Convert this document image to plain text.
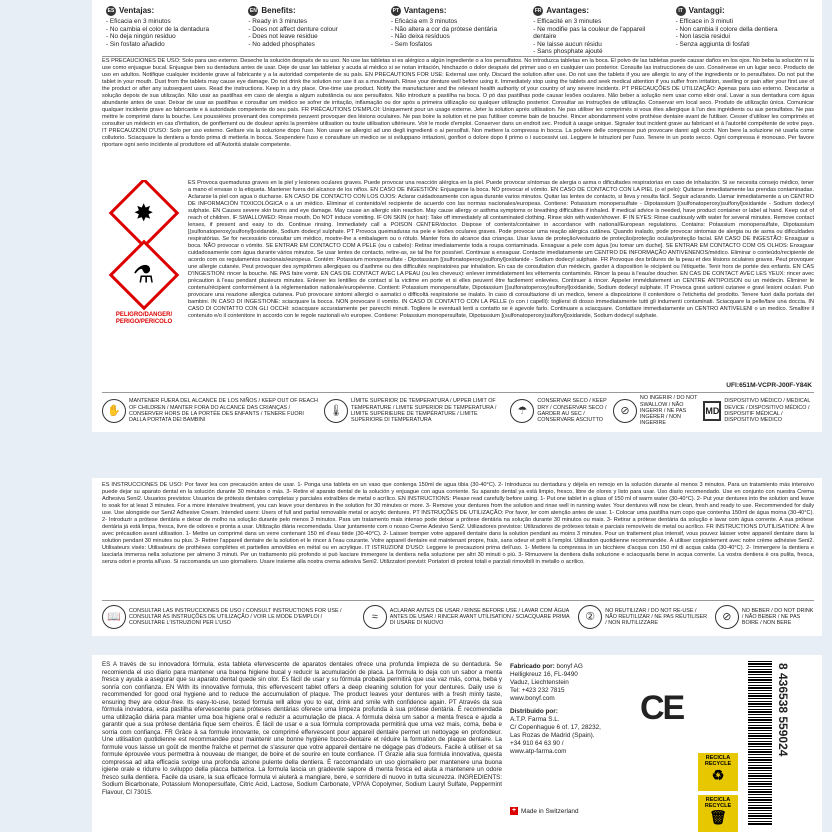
ES Ventajas:
- Eficacia en 3 minutos
- No cambia el color de la dentadura
- No deja ningún residuo
- Sin fosfato añadido
EN Benefits:
- Ready in 3 minutes
- Does not affect denture colour
- Does not leave residue
- No added phosphates
PT Vantagens:
- Eficácia em 3 minutos
- Não altera a cor da prótese dentária
- Não deixa resíduos
- Sem fosfatos
FR Avantages:
- Efficacité en 3 minutes
- Ne modifie pas la couleur de l'appareil dentaire
- Ne laisse aucun résidu
- Sans phosphate ajouté
IT Vantaggi:
- Efficace in 3 minuti
- Non cambia il colore della dentiera
- Non lascia residui
- Senza aggiunta di fosfati
ES PRECAUCIONES DE USO: Solo para uso externo. Deseche la solución después de su uso. No use las tabletas si es alérgico a algún ingrediente o a los persulfatos. No introduzca tabletas en la boca. El polvo de las tabletas puede causar daños en los ojos. No beba la solución ni la use como enjuague bucal. Enjuague bien su dentadura antes de usar. Deje de usar las tabletas y acuda al médico si se notan irritación, hinchazón o dolor después del primer uso o en cualquier uso posterior. Consulte las instrucciones de uso. Consérvese en un lugar seco. Producto de uso en adultos. Notifique cualquier incidente grave al fabricante y a la autoridad competente de su país. EN PRECAUTIONS FOR USE: External use only. Discard the solution after use. Do not use the tablets if you are allergic to any of the ingredients or to persulfates. Do not put the tablet in your mouth. Dust from the tablets may cause eye damage. Do not drink the solution nor use it as a mouthwash. Rinse your denture well before using it. Immediately stop using the tablets and seek medical attention if you suffer from irritation, swelling or pain after your first use of the product or after any subsequent uses. Read the instructions. Keep in a dry place. One-time use product. Notify the manufacturer and the relevant health authority of your country of any severe incidents. PT PRECAUÇÕES DE UTILIZAÇÃO: Apenas para uso externo. Descartar a solução depois de sua utilização. Não usar as pastilhas em caso de alergia a algum substância ou aos persulfatos. Não introduzir a pastilha na boca. O pó das pastilhas pode causar lesões oculares. Não beber a solução nem usar como elixir oral. Lavar a sua dentadura com água abundante antes de usar. Deixar de usar as pastilhas e consultar um médico se sofrer de irritação, inflamação ou dor após a primeira utilização ou qualquer utilização posterior. Consultar as instruções de utilização. Conservar em local seco. Produto de utilização única. Comunicar qualquer incidente grave ao fabricante e à autoridade competente do seu país. FR PRÉCAUTIONS D'EMPLOI: Uniquement pour un usage externe. Jeter la solution après utilisation. Ne pas utiliser les comprimés si vous êtes allergique à l'un des ingrédients ou aux persulfates. Ne pas mettre le comprimé dans la bouche. Les poussières provenant des comprimés peuvent provoquer des lésions oculaires. Ne pas boire la solution et ne pas l'utiliser comme bain de bouche. Rincer abondamment votre prothèse dentaire avant de l'utiliser. Cesser d'utiliser les comprimés et consulter un médecin en cas d'irritation, de gonflement ou de douleur après la première utilisation ou toute utilisation ultérieure. Voir le mode d'emploi. Conserver dans un endroit sec. Produit à usage unique. Signaler tout incident grave au fabricant et à l'autorité compétente de votre pays. IT PRECAUZIONI D'USO: Solo per uso esterno. Gettare via la soluzione dopo l'uso. Non usare se allergici ad uno degli ingredienti o ai persolfati. Non mettere la compressa in bocca. La polvere delle compresse può provocare danni agli occhi. Non bere la soluzione né usarla come collutorio. Sciacquare la dentiera a fondo prima di metterla in bocca. Sospendere l'uso e consultare un medico se si sviluppano irritazioni, gonfiori o dolore dopo il primo o i successivi usi. Leggere le istruzioni per l'uso. Tenere in un posto secco. Ogni compressa è monouso. Per favore riportare ogni serio incidente al produttore ed all'Autorità statale competente.
✸
⚗
PELIGRO/DANGER/ PERIGO/PERICOLO
ES Provoca quemaduras graves en la piel y lesiones oculares graves. Puede provocar una reacción alérgica en la piel. Puede provocar síntomas de alergia o asma o dificultades respiratorias en caso de inhalación. Si se necesita consejo médico, tener a mano el envase o la etiqueta. Mantener fuera del alcance de los niños. EN CASO DE INGESTIÓN: Enjuagarse la boca. NO provocar el vómito. EN CASO DE CONTACTO CON LA PIEL (o el pelo): Quitarse inmediatamente las prendas contaminadas. Aclararse la piel con agua o ducharse. EN CASO DE CONTACTO CON LOS OJOS: Aclarar cuidadosamente con agua durante varios minutos. Quitar las lentes de contacto, si lleva y resulta fácil. Seguir aclarando. Llamar inmediatamente a un CENTRO DE INFORMACIÓN TOXICOLÓGICA o a un médico. Eliminar el contenido/el recipiente de acuerdo con las normas nacionales/europeas. Contiene: Potassium monopersulfate - Dipotassium [(sulfonatoperoxy)sulfonyl]oxidanide - Sodium dodecyl sulphate. EN Causes severe skin burns and eye damage. May cause an allergic skin reaction. May cause allergy or asthma symptoms or breathing difficulties if inhaled. If medical advice is needed, have product container or label at hand. Keep out of reach of children. IF SWALLOWED: Rinse mouth. Do NOT induce vomiting. IF ON SKIN (or hair): Take off immediately all contaminated clothing. Rinse skin with water/shower. IF IN EYES: Rinse cautiously with water for several minutes. Remove contact lenses, if present and easy to do. Continue rinsing. Immediately call a POISON CENTER/doctor. Dispose of contents/container in accordance with national/European regulations. Contains: Potassium monopersulfate, Dipotassium [(sulfonatoperoxy)sulfonyl]oxidanide, Sodium dodecyl sulphate. PT Provoca queimaduras na pele e lesões oculares graves. Pode provocar uma reação alérgica cutânea. Quando inalado, pode provocar sintomas de alergia ou de asma ou dificuldades respiratórias. Se for necessário consultar um médico, mostre-lhe a embalagem ou o rótulo. Manter fora do alcance das crianças. Usar luvas de proteção/vestuário de proteção/proteção ocular/proteção facial. EM CASO DE INGESTÃO: Enxaguar a boca. NÃO provocar o vómito. SE ENTRAR EM CONTACTO COM A PELE (ou o cabelo): Retirar imediatamente toda a roupa contaminada. Enxaguar a pele com água [ou tomar um duche]. SE ENTRAR EM CONTACTO COM OS OLHOS: Enxaguar cuidadosamente com água durante vários minutos. Se usar lentes de contacto, retire-as, se tal lhe for possível. Continuar a enxaguar. Contacte imediatamente um CENTRO DE INFORMAÇÃO ANTIVENENOS/médico. Eliminar o conteúdo/recipiente de acordo com os regulamentos nacionais/europeus. Contém: Potassium monopersulfate - Dipotassium [(sulfonatoperoxy)sulfonyl]oxidanide - Sodium dodecyl sulphate. FR Provoque des brûlures de la peau et des lésions oculaires graves. Peut provoquer une allergie cutanée. Peut provoquer des symptômes allergiques ou d'asthme ou des difficultés respiratoires par inhalation. En cas de consultation d'un médecin, garder à disposition le récipient ou l'étiquette. Tenir hors de portée des enfants. EN CAS D'INGESTION: rincer la bouche. NE PAS faire vomir. EN CAS DE CONTACT AVEC LA PEAU (ou les cheveux): enlever immédiatement les vêtements contaminés. Rincer la peau à l'eau/se doucher. EN CAS DE CONTACT AVEC LES YEUX: rincer avec précaution à l'eau pendant plusieurs minutes. Enlever les lentilles de contact si la victime en porte et si elles peuvent être facilement enlevées. Continuer à rincer. Appeler immédiatement un CENTRE ANTIPOISON ou un médecin. Éliminer le contenu/récipient conformément à la réglementation nationale/européenne. Contient: Potassium monopersulfate, Dipotassium [(sulfonatoperoxy)sulfonyl]oxidanide, Sodium dodecyl sulphate. IT Provoca gravi ustioni cutanee e gravi lesioni oculari. Può provocare una reazione allergica cutanea. Può provocare sintomi allergici o asmatici o difficoltà respiratorie se inalato. In caso di consultazione di un medico, tenere a disposizione il contenitore o l'etichetta del prodotto. Tenere fuori dalla portata dei bambini. IN CASO DI INGESTIONE: sciacquare la bocca. NON provocare il vomito. IN CASO DI CONTATTO CON LA PELLE (o con i capelli): togliersi di dosso immediatamente tutti gli indumenti contaminati. Sciacquare la pelle/fare una doccia. IN CASO DI CONTATTO CON GLI OCCHI: sciacquare accuratamente per parecchi minuti. Togliere le eventuali lenti a contatto se è agevole farlo. Continuare a sciacquare. Contattare immediatamente un CENTRO ANTIVELENI o un medico. Smaltire il contenuto e/o il contenitore in accordo con le regole nazionali e/o europee. Contiene: Potassium monopersulfate, Dipotassium [(sulfonatoperoxy)sulfonyl]oxidanide, Sodium dodecyl sulphate.
UFI:651M-VCPR-J00F-Y84K
✋
MANTENER FUERA DEL ALCANCE DE LOS NIÑOS / KEEP OUT OF REACH OF CHILDREN / MANTER FORA DO ALCANCE DAS CRIANÇAS / CONSERVER HORS DE LA PORTÉE DES ENFANTS / TENERE FUORI DALLA PORTATA DEI BAMBINI
🌡
LÍMITE SUPERIOR DE TEMPERATURA / UPPER LIMIT OF TEMPERATURE / LIMITE SUPERIOR DE TEMPERATURA / LIMITE SUPÉRIEURE DE TEMPÉRATURE / LIMITE SUPERIORE DI TEMPERATURA
☂
CONSERVAR SECO / KEEP DRY / CONSERVAR SECO / GARDER AU SEC / CONSERVARE ASCIUTTO
⊘
NO INGERIR / DO NOT SWALLOW / NÃO INGERIR / NE PAS INGÉRER / NON INGERIRE
MD
DISPOSITIVO MÉDICO / MEDICAL DEVICE / DISPOSITIVO MÉDICO / DISPOSITIF MÉDICAL / DISPOSITIVO MEDICO
ES INSTRUCCIONES DE USO: Por favor lea con precaución antes de usar. 1- Ponga una tableta en un vaso que contenga 150ml de agua tibia (30-40°C). 2- Introduzca su dentadura y déjela en remojo en la solución durante al menos 3 minutos. Para un tratamiento más intensivo puede dejar su aparato dental en la solución durante 30 minutos o más. 3- Retire el aparato dental de la solución y enjuague con agua corriente. Su aparato dental ya está limpio, fresco, libre de olores y listo para usar. Uso diario recomendado. Use en conjunto con nuestra Crema Adhesiva Seni2. Usuarios previstos: Usuarios de prótesis dentales completas y parciales extraíbles de metal o acrílico. EN INSTRUCTIONS: Please read carefully before using. 1- Put one tablet in a glass of 150 ml of warm water (30-40°C). 2- Put your dentures into the solution and leave to soak for at least 3 minutes. For a more intensive treatment, you can leave your dentures in the solution for 30 minutes or more. 3- Remove your dentures from the solution and rinse well in running water. Your dentures will now be clean, fresh and ready to use. Recommended for daily use. Use alongside our Seni2 Adhesive Cream. Intended users: Users of full and partial removable metal or acrylic dentures. PT INSTRUÇÕES DE UTILIZAÇÃO: Por favor, ler com atenção antes de usar. 1- Colocar uma pastilha num copo que contenha 150ml de água morna (30-40°C). 2- Introduzir a prótese dentária e deixar de molho na solução durante pelo menos 3 minutos. Para um tratamento mais intenso pode deixar a prótese dentária na solução durante 30 minutos ou mais. 3- Retirar a prótese dentária da solução e lavar com água corrente. A sua prótese dentária já está limpa, fresca, livre de odores e pronta a usar. Utilização diária recomendada. Usar juntamente com o nosso Creme Adesivo Seni2. Utilizadores previstos: Utilizadores de próteses totais e parciais removíveis de metal ou acrílico. FR INSTRUCTIONS D'UTILISATION: À lire avec précaution avant utilisation. 1- Mettre un comprimé dans un verre contenant 150 ml d'eau tiède (30-40°C). 2- Laisser tremper votre appareil dentaire dans la solution pendant au moins 3 minutes. Pour un traitement plus intensif, vous pouvez laisser votre appareil dentaire dans la solution pendant 30 minutes ou plus. 3- Retirer l'appareil dentaire de la solution et le rincer à l'eau courante. Votre appareil dentaire est maintenant propre, frais, sans odeur et prêt à l'emploi. Utilisation quotidienne recommandée. À utiliser conjointement avec notre crème adhésive Seni2. Utilisateurs visés: Utilisateurs de prothèses complètes et partielles amovibles en métal ou en acrylique. IT ISTRUZIONI D'USO: Leggere le precauzioni prima dell'uso. 1- Mettere la compressa in un bicchiere d'acqua con 150 ml di acqua calda (30-40°C). 2- Immergere la dentiera e lasciarla immersa nella soluzione per almeno 3 minuti. Per un trattamento più profondo si può lasciare immergere la dentiera nella soluzione per altri 30 minuti o più. 3- Rimuovere la dentiera dalla soluzione e sciacquarla bene in acqua corrente. La vostra dentiera è ora pulita, fresca, senza odori e pronta all'uso. Si raccomanda un uso giornaliero. Usare insieme alla nostra crema adesiva Seni2. Utilizzatori previsti: Portatori di protesi totali e parziali rimovibili in metallo o acrilico.
📖
CONSULTAR LAS INSTRUCCIONES DE USO / CONSULT INSTRUCTIONS FOR USE / CONSULTAR AS INSTRUÇÕES DE UTILIZAÇÃO / VOIR LE MODE D'EMPLOI / CONSULTARE L'ISTRUZIONI PER L'USO
≈
ACLARAR ANTES DE USAR / RINSE BEFORE USE / LAVAR COM ÁGUA ANTES DE USAR / RINCER AVANT UTILISATION / SCIACQUARE PRIMA DI USARE DI NUOVO
②
NO REUTILIZAR / DO NOT RE-USE / NÃO REUTILIZAR / NE PAS RÉUTILISER / NON RIUTILIZZARE
⊘
NO BEBER / DO NOT DRINK / NÃO BEBER / NE PAS BOIRE / NON BERE
ES A través de su innovadora fórmula, esta tableta efervescente de aparatos dentales ofrece una profunda limpieza de su dentadura. Se recomienda el uso diario para mantener una buena higiene bucal y reducir la acumulación de placa. La fórmula lo deja con un sabor a menta fresca y ayuda a asegurar que su aparato dental quede sin olor. Es fácil de usar y su fórmula probada permitirá que usa vaz más, coma, beba y sonría con confianza. EN With its innovative formula, this effervescent tablet offers a deep cleaning solution for your dentures. Daily use is recommended for good oral hygiene and to reduce the accumulation of plaque. The product leaves your dentures with a fresh minty taste, ensuring they are odour-free. Its easy-to-use, tested formula will allow you to eat, drink and smile with confidence again. PT Através da sua fórmula inovadora, esta pastilha efervescente para próteses dentárias oferece uma limpeza profunda à sua prótese dentária. É recomendada uma utilização diária para manter uma boa higiene oral e reduzir a acumulação de placa. A fórmula deixa um sabor a menta fresca e ajuda a garantir que a sua prótese dentária fique sem cheiros. É fácil de usar e a sua fórmula comprovada permitirá que uma vez mais, coma, beba e sorria com confiança. FR Grâce à sa formule innovante, ce comprimé effervescent pour appareil dentaire permet un nettoyage en profondeur. Une utilisation quotidienne est recommandée pour maintenir une bonne hygiène bucco-dentaire et réduire la formation de plaque dentaire. La formule vous laisse un goût de menthe fraîche et permet de s'assurer que votre appareil dentaire ne dégage pas d'odeurs. Facile à utiliser et sa formule éprouvée vous permettra à nouveau de manger, de boire et de sourire en toute confiance. IT Grazie alla sua formula innovativa, questa compressa ad alta efficacia svolge una profonda azione pulente della dentiera. È raccomandato un uso giornaliero per mantenere una buona igiene orale e ridurre lo sviluppo della placca batterica. La formula lascia un gradevole sapore di menta fresca ed aiuta a mantenere un odore fresco sulla dentiera. Facile da usare, la sua efficace formula vi aiuterà a mangiare, bere, e sorridere di nuovo in tutta sicurezza. INGREDIENTS: Sodium Bicarbonate, Potassium Monopersulfate, Citric Acid, Lactose, Sodium Carbonate, VP/VA Copolymer, Sodium Lauryl Sulfate, Peppermint Flavour, CI 73015.
Fabricado por: bonyf AG
Helligkreuz 16, FL-9490
Vaduz, Liechtenstein
Tel: +423 232 7815
www.bonyf.com
Distribuido por:
A.T.P. Farma S.L.
C/ Copenhague 6 of. 17, 28232,
Las Rozas de Madrid (Spain).
+34 910 64 63 90 /
www.atp-farma.com
+ Made in Switzerland
CE
RECICLA RECYCLE
♻
RECICLA RECYCLE
🗑
8 436538 559024
